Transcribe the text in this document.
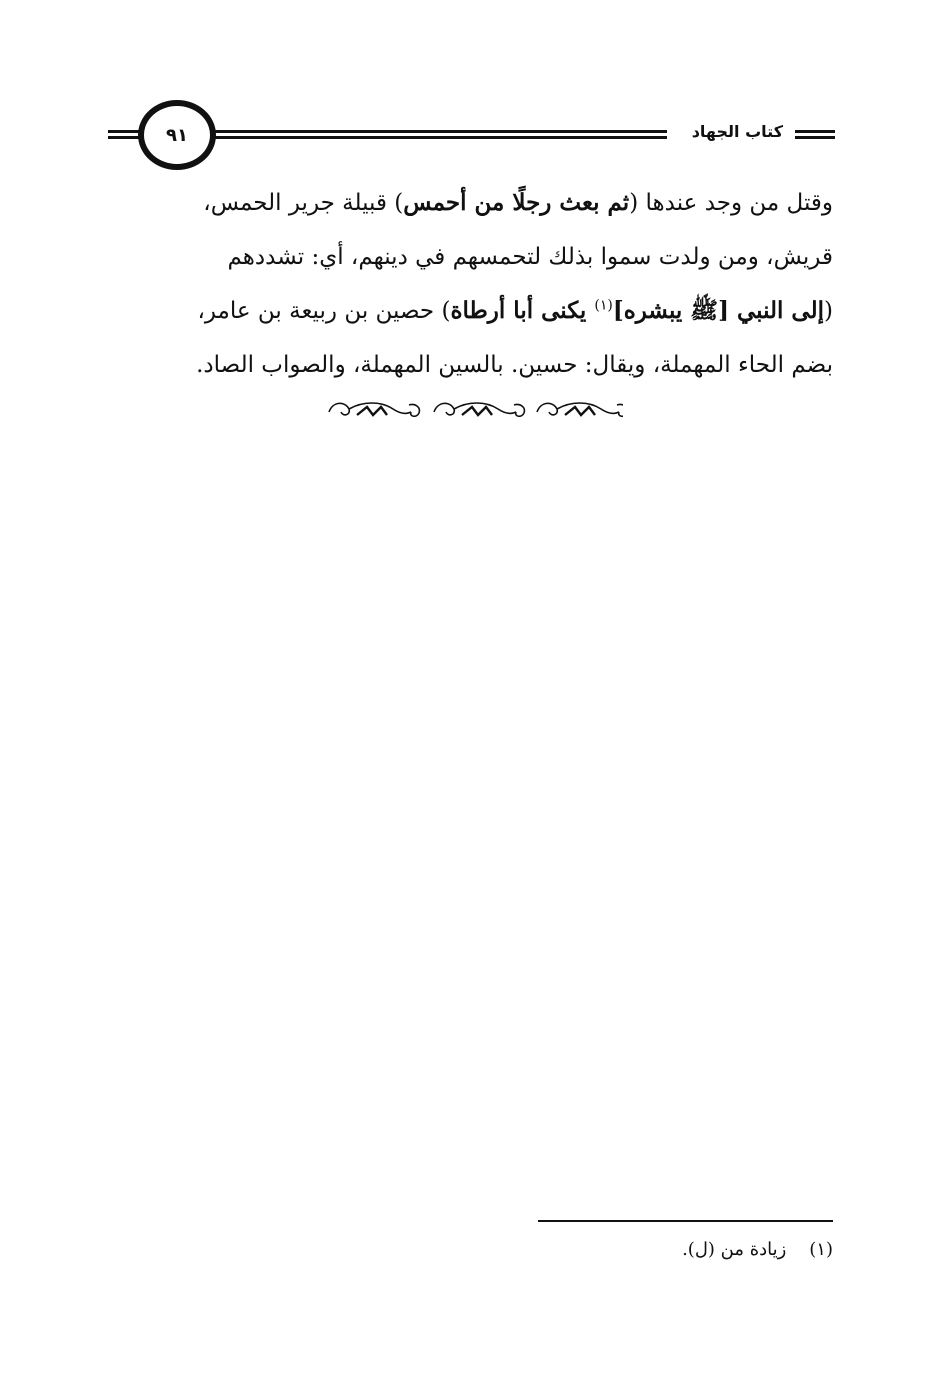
٩١	كتاب الجهاد

وقتل من وجد عندها (ثم بعث رجلًا من أحمس) قبيلة جرير الحمس،

قريش، ومن ولدت سموا بذلك لتحمسهم في دينهم، أي: تشددهم

(إلى النبي [ﷺ يبشره]$^{(١)}$ يكنى أبا أرطاة) حصين بن ربيعة بن عامر،

بضم الحاء المهملة، ويقال: حسين. بالسين المهملة، والصواب الصاد.

(١)    زيادة من (ل).
